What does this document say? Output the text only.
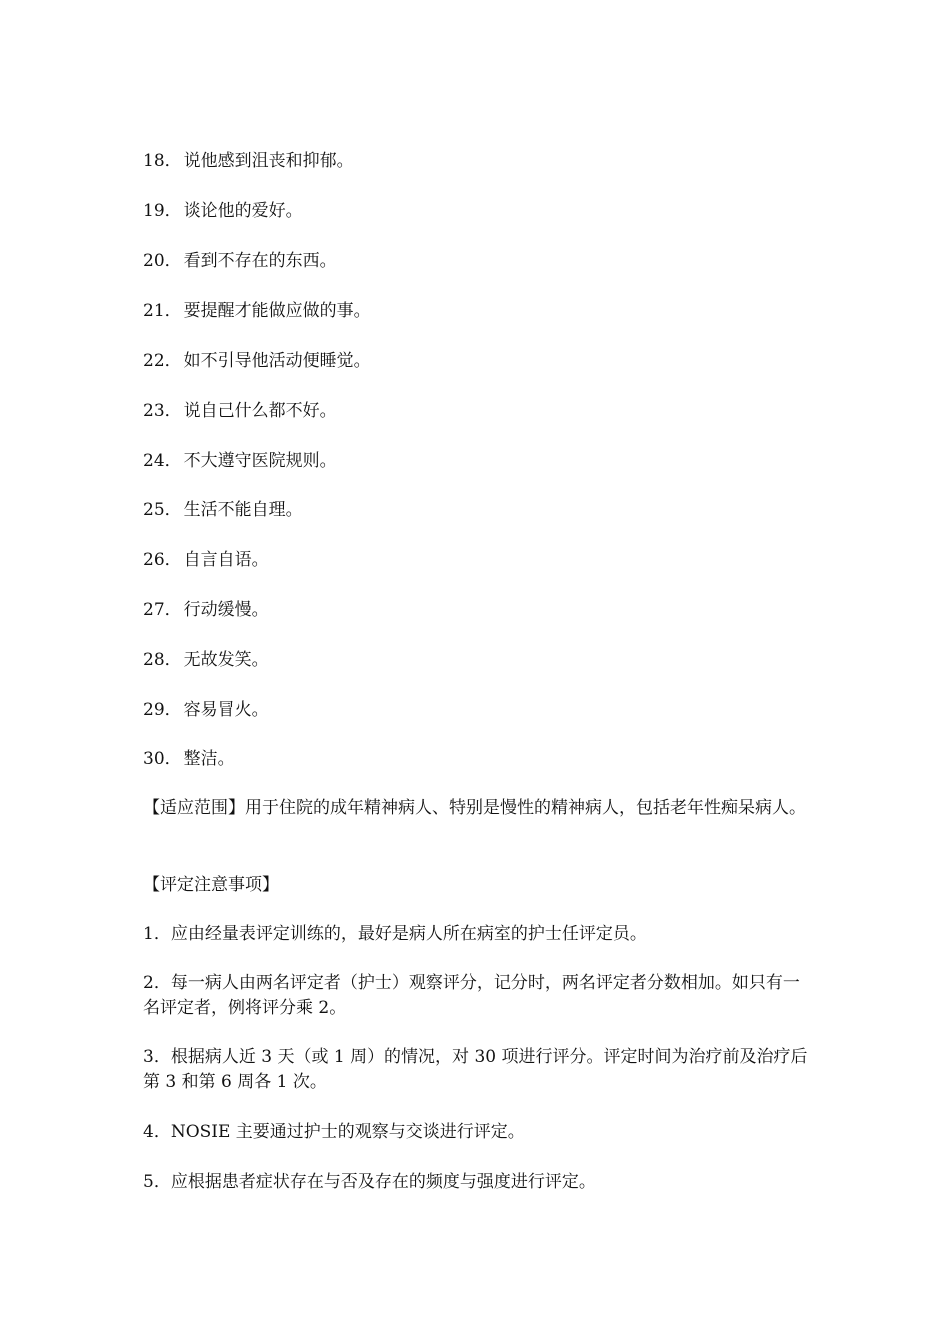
18． 说他感到沮丧和抑郁。
19． 谈论他的爱好。
20． 看到不存在的东西。
21． 要提醒才能做应做的事。
22． 如不引导他活动便睡觉。
23． 说自己什么都不好。
24． 不大遵守医院规则。
25． 生活不能自理。
26． 自言自语。
27． 行动缓慢。
28． 无故发笑。
29． 容易冒火。
30． 整洁。
【适应范围】用于住院的成年精神病人、特别是慢性的精神病人，包括老年性痴呆病人。
【评定注意事项】
1．应由经量表评定训练的，最好是病人所在病室的护士任评定员。
2．每一病人由两名评定者（护士）观察评分，记分时，两名评定者分数相加。如只有一名评定者，例将评分乘 2。
3．根据病人近 3 天（或 1 周）的情况，对 30 项进行评分。评定时间为治疗前及治疗后第 3 和第 6 周各 1 次。
4．NOSIE 主要通过护士的观察与交谈进行评定。
5．应根据患者症状存在与否及存在的频度与强度进行评定。
